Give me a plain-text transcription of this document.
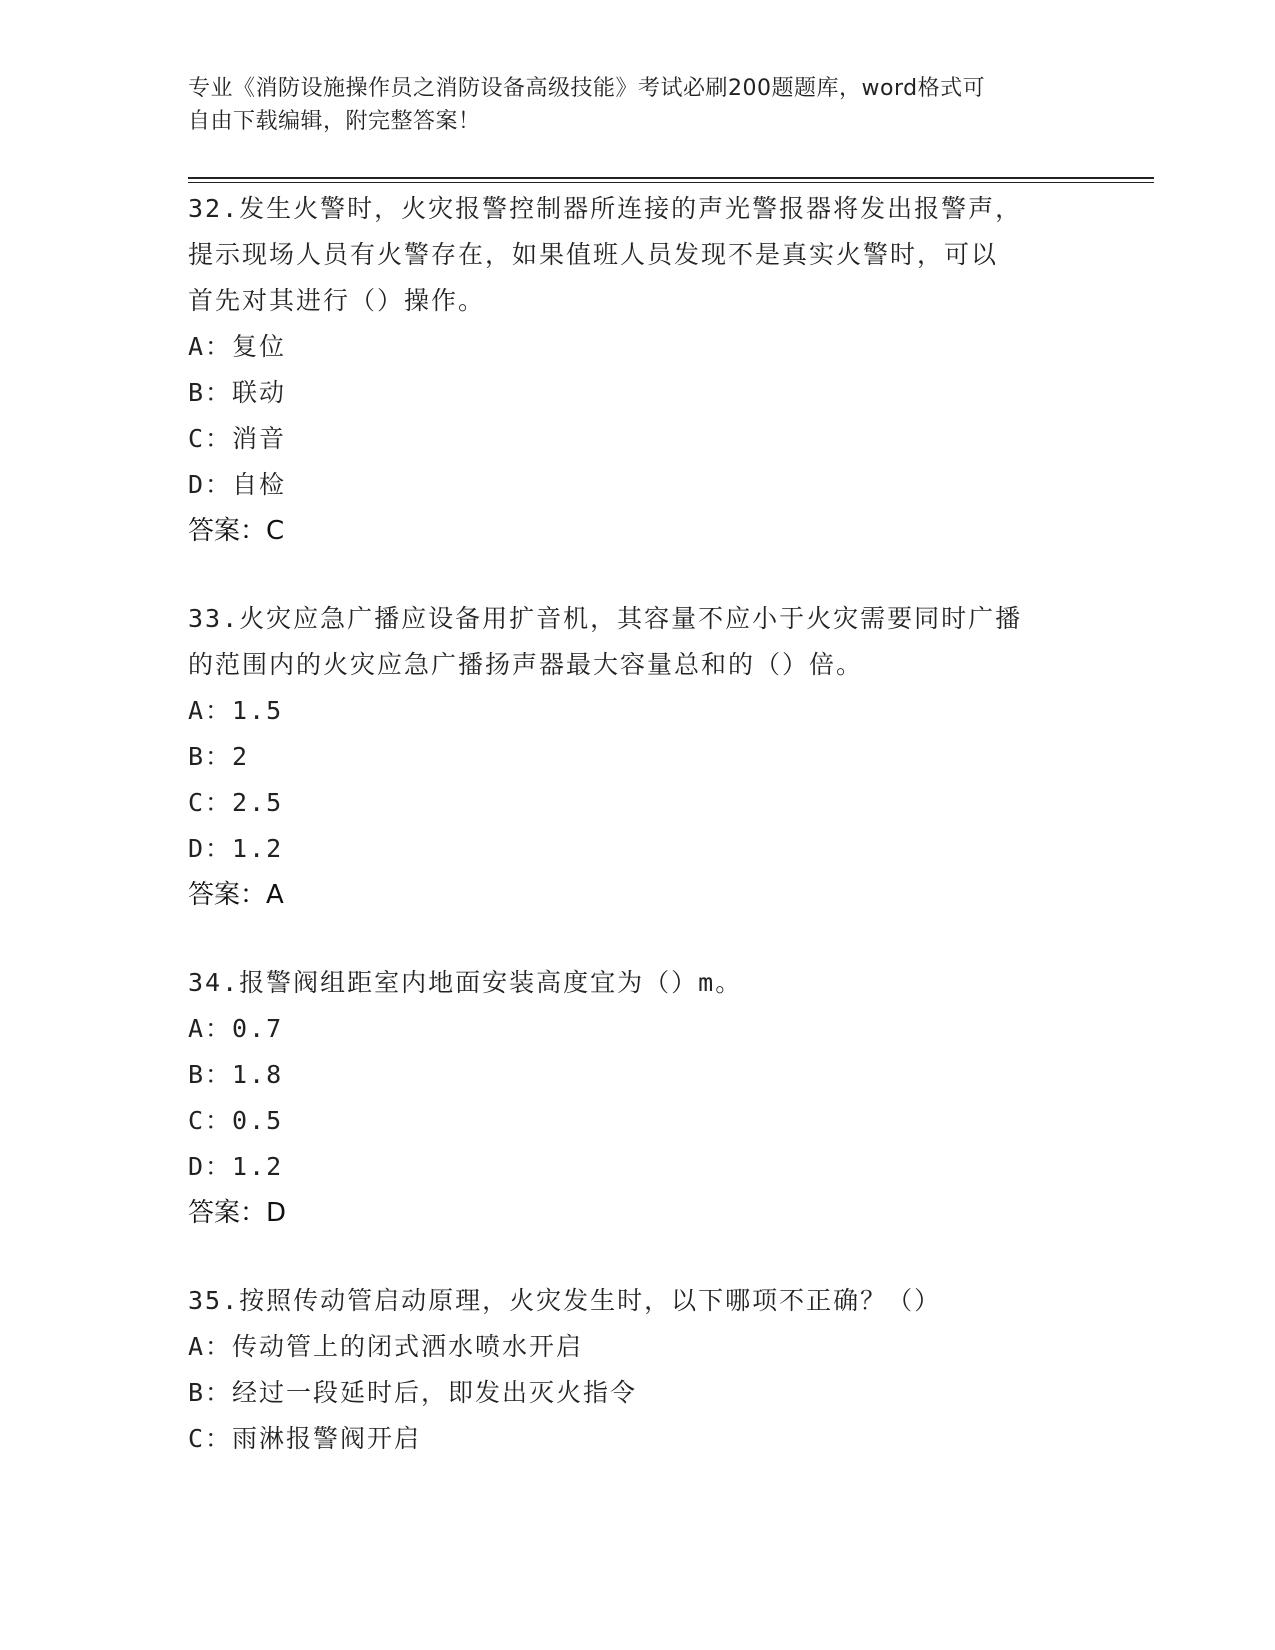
专业《消防设施操作员之消防设备高级技能》考试必刷200题题库，word格式可
自由下载编辑，附完整答案！

32.发生火警时，火灾报警控制器所连接的声光警报器将发出报警声，

提示现场人员有火警存在，如果值班人员发现不是真实火警时，可以

首先对其进行（）操作。

A：复位

B：联动

C：消音

D：自检

答案：C

33.火灾应急广播应设备用扩音机，其容量不应小于火灾需要同时广播

的范围内的火灾应急广播扬声器最大容量总和的（）倍。

A：1.5

B：2

C：2.5

D：1.2

答案：A

34.报警阀组距室内地面安装高度宜为（）m。

A：0.7

B：1.8

C：0.5

D：1.2

答案：D

35.按照传动管启动原理，火灾发生时，以下哪项不正确？（）

A：传动管上的闭式洒水喷水开启

B：经过一段延时后，即发出灭火指令

C：雨淋报警阀开启
